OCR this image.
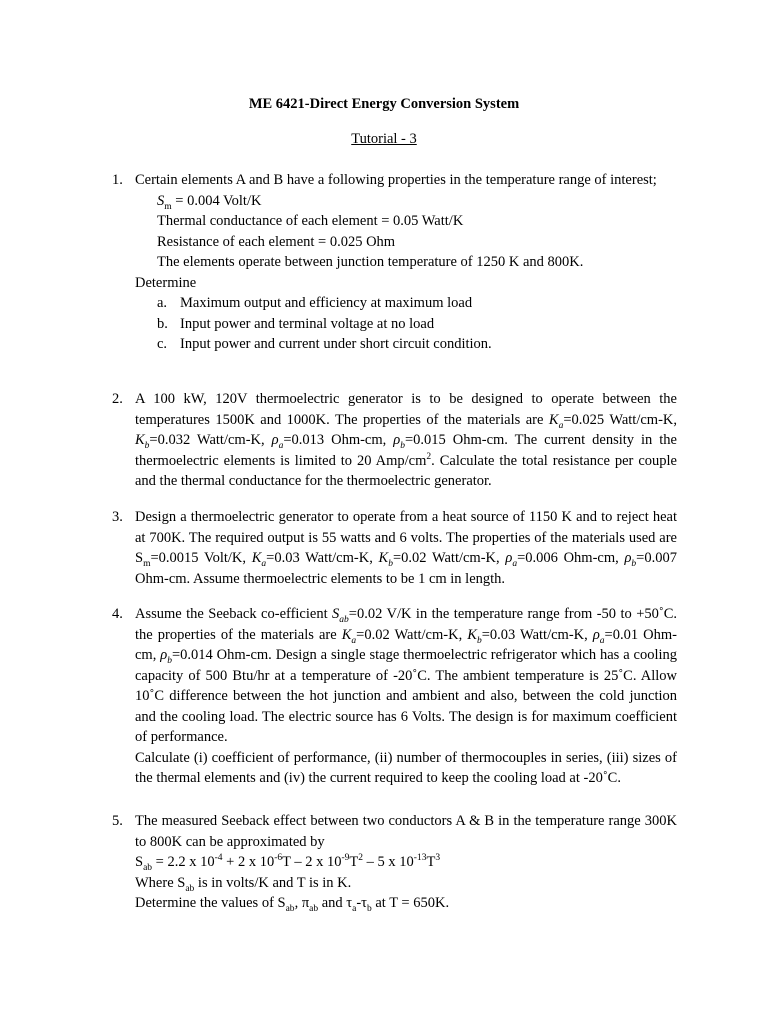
ME 6421-Direct Energy Conversion System
Tutorial - 3
1. Certain elements A and B have a following properties in the temperature range of interest;
$S_m = 0.004$ Volt/K
Thermal conductance of each element = 0.05 Watt/K
Resistance of each element = 0.025 Ohm
The elements operate between junction temperature of 1250 K and 800K.
Determine
a. Maximum output and efficiency at maximum load
b. Input power and terminal voltage at no load
c. Input power and current under short circuit condition.
2. A 100 kW, 120V thermoelectric generator is to be designed to operate between the temperatures 1500K and 1000K. The properties of the materials are $K_a=0.025$ Watt/cm-K, $K_b=0.032$ Watt/cm-K, $\rho_a=0.013$ Ohm-cm, $\rho_b=0.015$ Ohm-cm. The current density in the thermoelectric elements is limited to 20 Amp/$cm^2$. Calculate the total resistance per couple and the thermal conductance for the thermoelectric generator.
3. Design a thermoelectric generator to operate from a heat source of 1150 K and to reject heat at 700K. The required output is 55 watts and 6 volts. The properties of the materials used are $S_m=0.0015$ Volt/K, $K_a=0.03$ Watt/cm-K, $K_b=0.02$ Watt/cm-K, $\rho_a=0.006$ Ohm-cm, $\rho_b=0.007$ Ohm-cm. Assume thermoelectric elements to be 1 cm in length.
4. Assume the Seeback co-efficient $S_{ab}=0.02$ V/K in the temperature range from -50 to +50˚C. the properties of the materials are $K_a=0.02$ Watt/cm-K, $K_b=0.03$ Watt/cm-K, $\rho_a=0.01$ Ohm-cm, $\rho_b=0.014$ Ohm-cm. Design a single stage thermoelectric refrigerator which has a cooling capacity of 500 Btu/hr at a temperature of -20˚C. The ambient temperature is 25˚C. Allow 10˚C difference between the hot junction and ambient and also, between the cold junction and the cooling load. The electric source has 6 Volts. The design is for maximum coefficient of performance.
Calculate (i) coefficient of performance, (ii) number of thermocouples in series, (iii) sizes of the thermal elements and (iv) the current required to keep the cooling load at -20˚C.
5. The measured Seeback effect between two conductors A & B in the temperature range 300K to 800K can be approximated by
$S_{ab} = 2.2$ x $10^{-4} + 2$ x $10^{-6}T - 2$ x $10^{-9}T^2 - 5$ x $10^{-13}T^3$
Where $S_{ab}$ is in volts/K and T is in K.
Determine the values of $S_{ab}$, $\pi_{ab}$ and $\tau_a-\tau_b$ at T = 650K.
